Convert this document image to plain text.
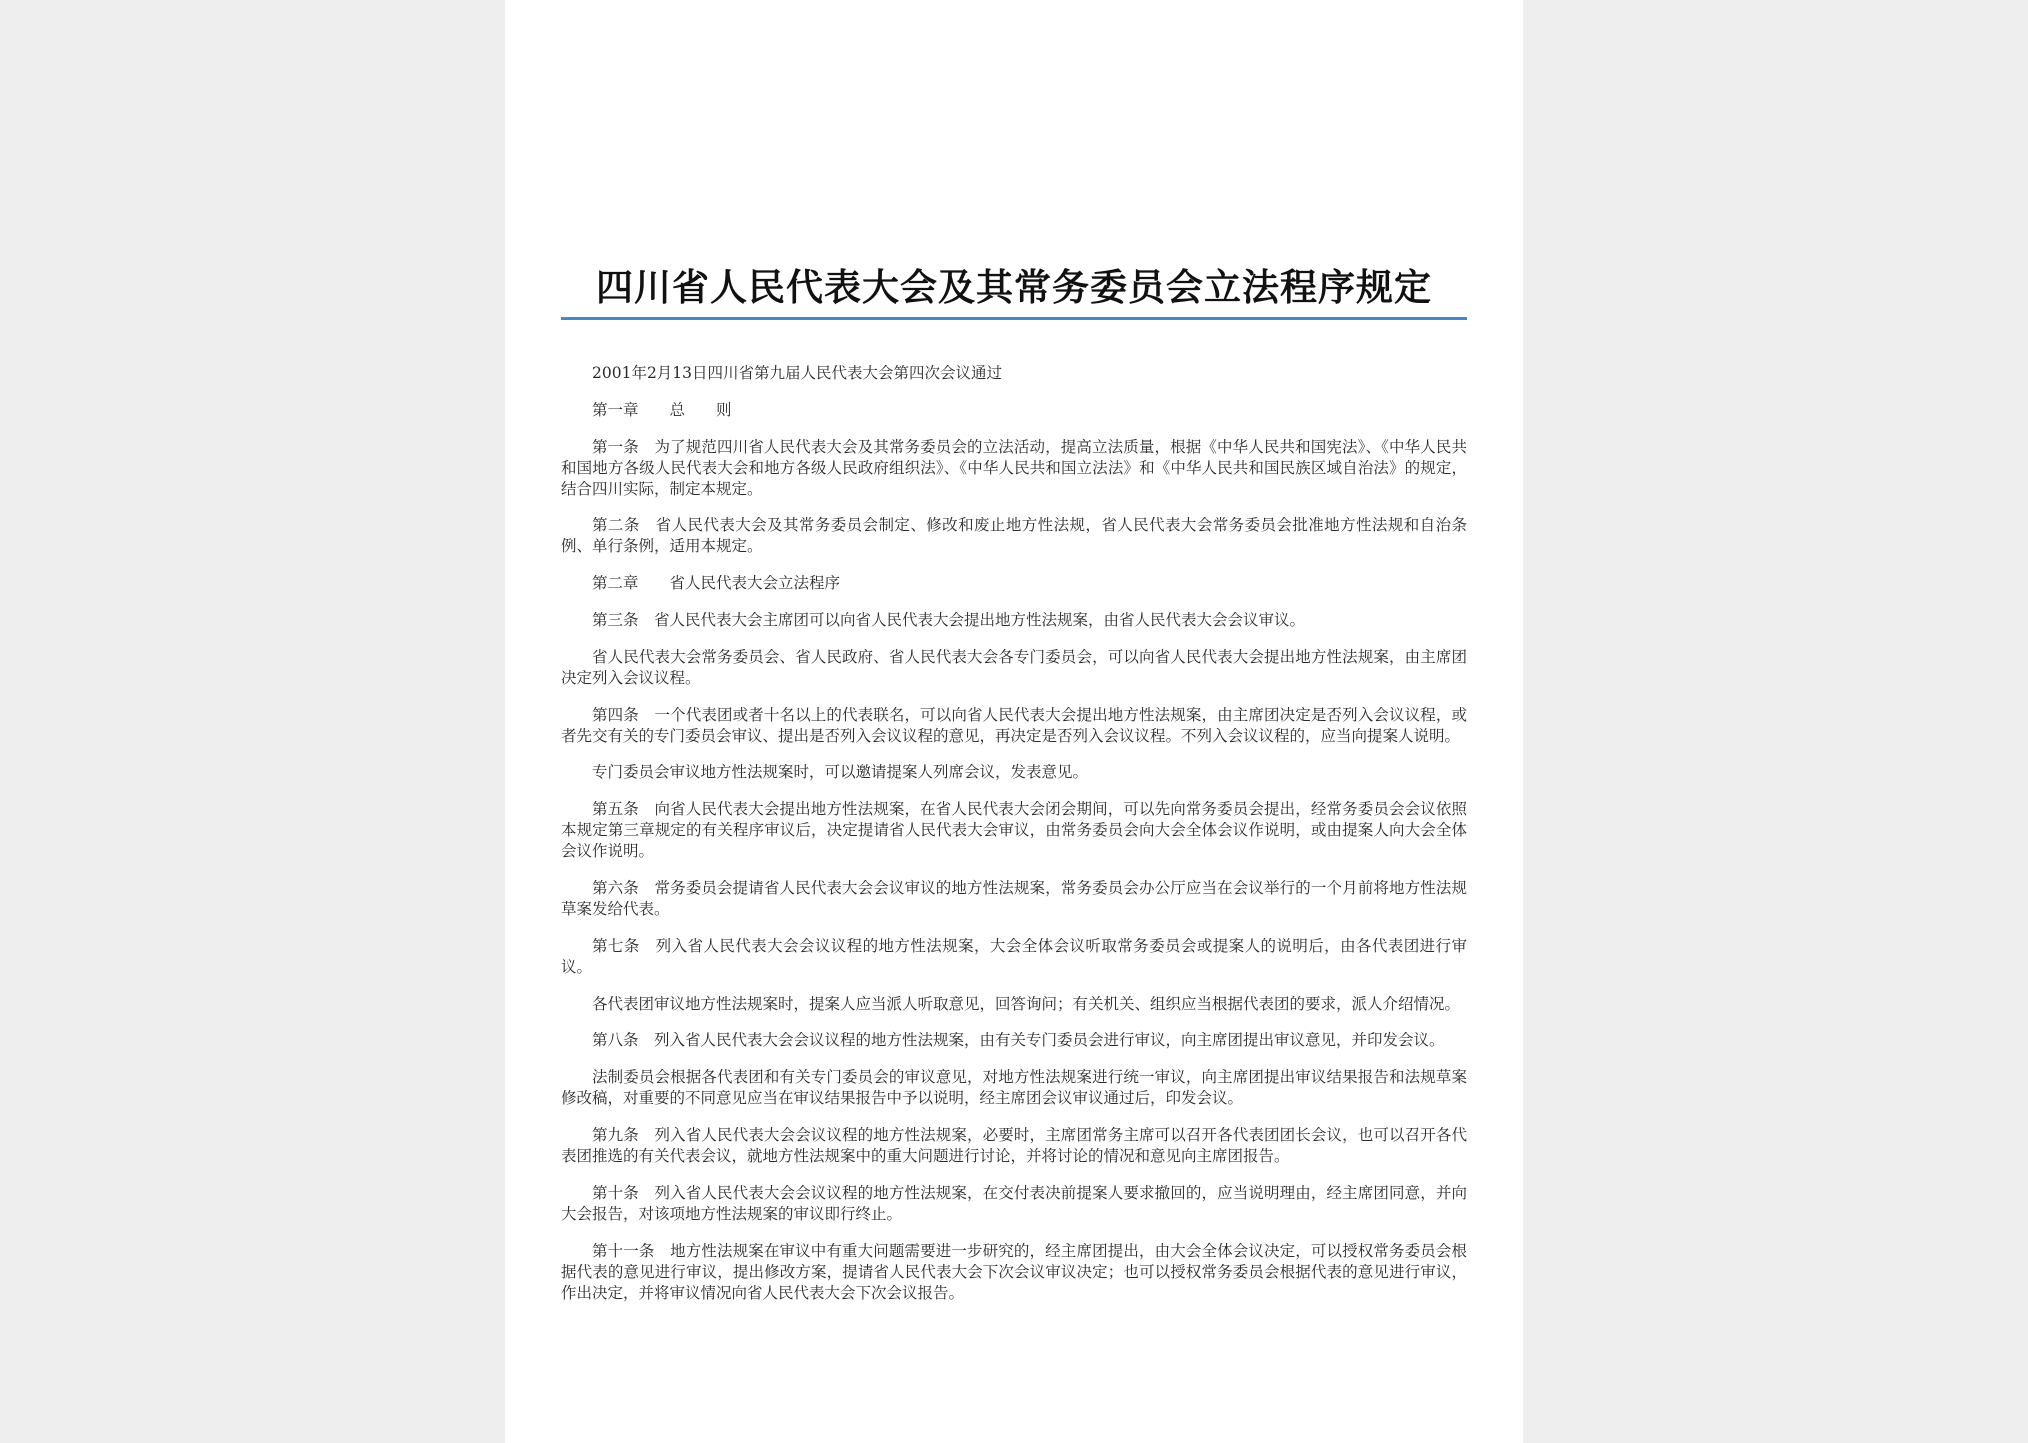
四川省人民代表大会及其常务委员会立法程序规定

2001年2月13日四川省第九届人民代表大会第四次会议通过

第一章　　总　　则

第一条　为了规范四川省人民代表大会及其常务委员会的立法活动，提高立法质量，根据《中华人民共和国宪法》、《中华人民共和国地方各级人民代表大会和地方各级人民政府组织法》、《中华人民共和国立法法》和《中华人民共和国民族区域自治法》的规定，结合四川实际，制定本规定。

第二条　省人民代表大会及其常务委员会制定、修改和废止地方性法规，省人民代表大会常务委员会批准地方性法规和自治条例、单行条例，适用本规定。

第二章　　省人民代表大会立法程序

第三条　省人民代表大会主席团可以向省人民代表大会提出地方性法规案，由省人民代表大会会议审议。

省人民代表大会常务委员会、省人民政府、省人民代表大会各专门委员会，可以向省人民代表大会提出地方性法规案，由主席团决定列入会议议程。

第四条　一个代表团或者十名以上的代表联名，可以向省人民代表大会提出地方性法规案，由主席团决定是否列入会议议程，或者先交有关的专门委员会审议、提出是否列入会议议程的意见，再决定是否列入会议议程。不列入会议议程的，应当向提案人说明。

专门委员会审议地方性法规案时，可以邀请提案人列席会议，发表意见。

第五条　向省人民代表大会提出地方性法规案，在省人民代表大会闭会期间，可以先向常务委员会提出，经常务委员会会议依照本规定第三章规定的有关程序审议后，决定提请省人民代表大会审议，由常务委员会向大会全体会议作说明，或由提案人向大会全体会议作说明。

第六条　常务委员会提请省人民代表大会会议审议的地方性法规案，常务委员会办公厅应当在会议举行的一个月前将地方性法规草案发给代表。

第七条　列入省人民代表大会会议议程的地方性法规案，大会全体会议听取常务委员会或提案人的说明后，由各代表团进行审议。

各代表团审议地方性法规案时，提案人应当派人听取意见，回答询问；有关机关、组织应当根据代表团的要求，派人介绍情况。

第八条　列入省人民代表大会会议议程的地方性法规案，由有关专门委员会进行审议，向主席团提出审议意见，并印发会议。

法制委员会根据各代表团和有关专门委员会的审议意见，对地方性法规案进行统一审议，向主席团提出审议结果报告和法规草案修改稿，对重要的不同意见应当在审议结果报告中予以说明，经主席团会议审议通过后，印发会议。

第九条　列入省人民代表大会会议议程的地方性法规案，必要时，主席团常务主席可以召开各代表团团长会议，也可以召开各代表团推选的有关代表会议，就地方性法规案中的重大问题进行讨论，并将讨论的情况和意见向主席团报告。

第十条　列入省人民代表大会会议议程的地方性法规案，在交付表决前提案人要求撤回的，应当说明理由，经主席团同意，并向大会报告，对该项地方性法规案的审议即行终止。

第十一条　地方性法规案在审议中有重大问题需要进一步研究的，经主席团提出，由大会全体会议决定，可以授权常务委员会根据代表的意见进行审议，提出修改方案，提请省人民代表大会下次会议审议决定；也可以授权常务委员会根据代表的意见进行审议，作出决定，并将审议情况向省人民代表大会下次会议报告。
